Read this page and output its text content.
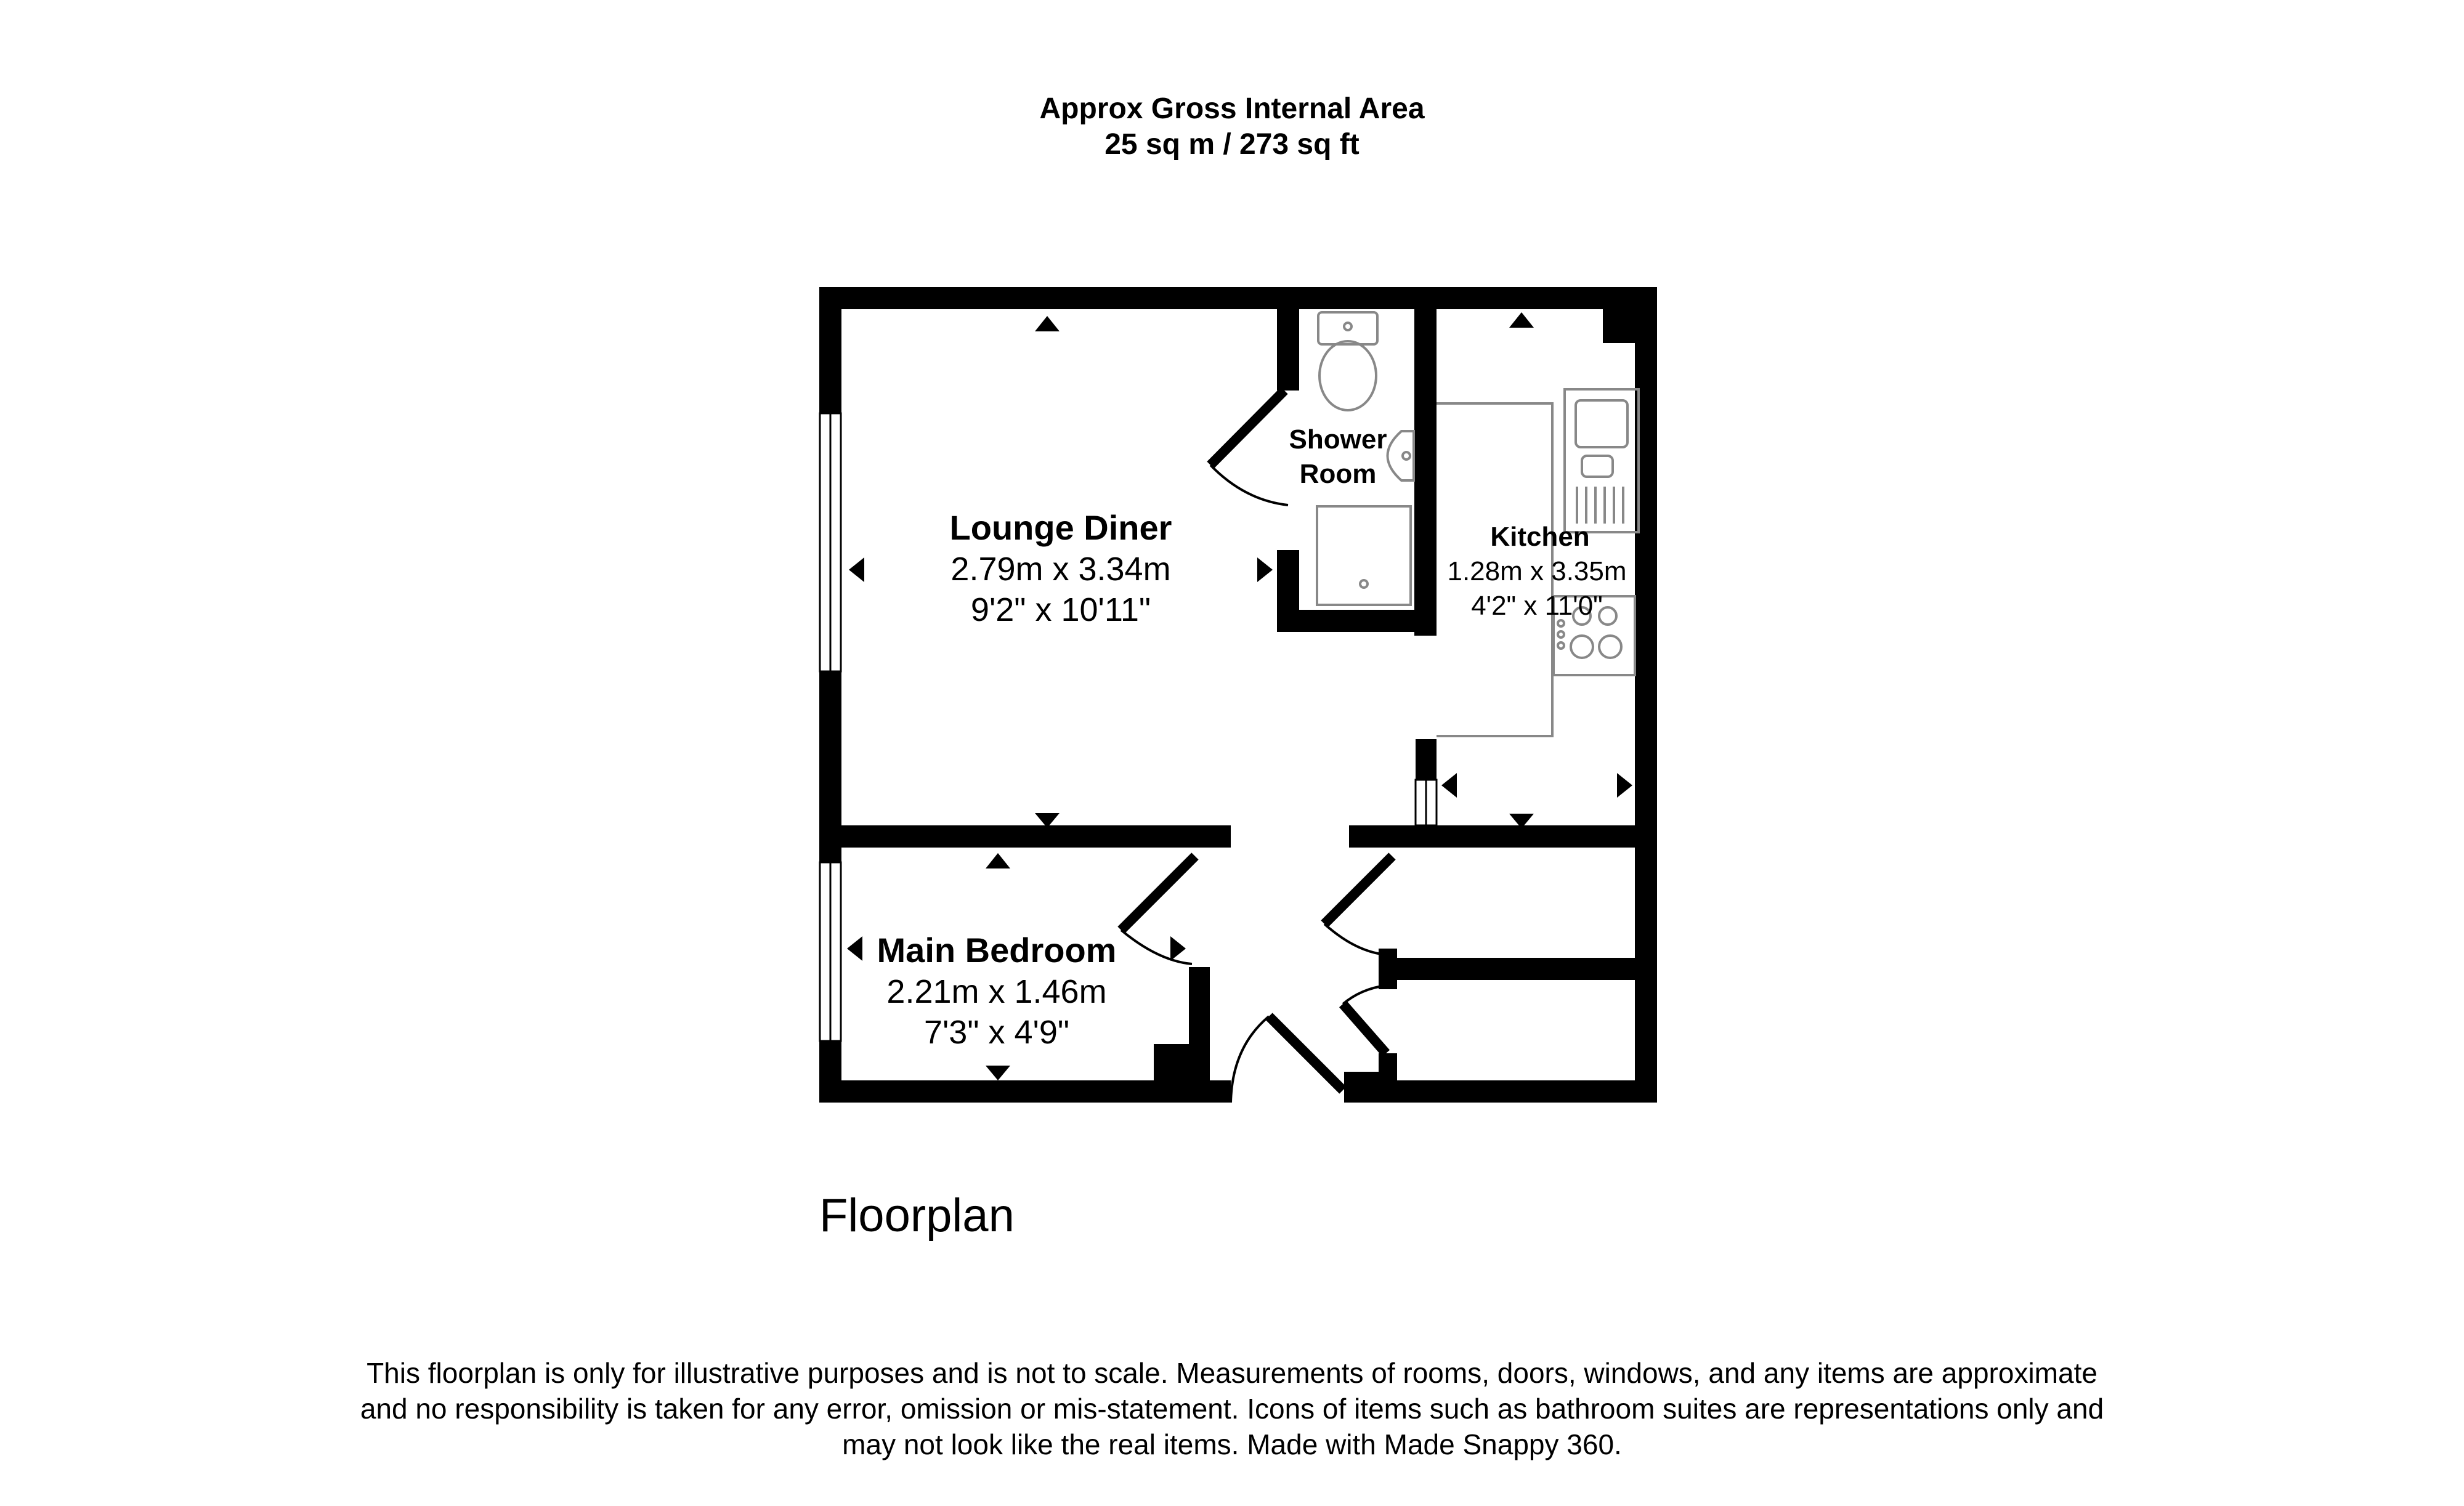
Approx Gross Internal Area
25 sq m / 273 sq ft
Lounge Diner
2.79m x 3.34m
9'2" x 10'11"
Shower
Room
Kitchen
1.28m x 3.35m
4'2" x 11'0"
Main Bedroom
2.21m x 1.46m
7'3" x 4'9"
Floorplan
This floorplan is only for illustrative purposes and is not to scale. Measurements of rooms, doors, windows, and any items are approximate
and no responsibility is taken for any error, omission or mis-statement. Icons of items such as bathroom suites are representations only and
may not look like the real items. Made with Made Snappy 360.
